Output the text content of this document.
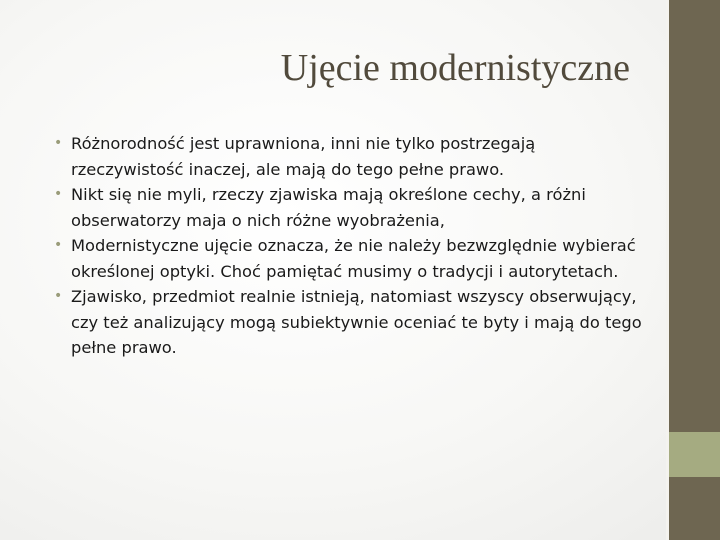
Ujęcie modernistyczne
• Różnorodność jest uprawniona, inni nie tylko postrzegają rzeczywistość inaczej, ale mają do tego pełne prawo.
• Nikt się nie myli, rzeczy zjawiska mają określone cechy, a różni obserwatorzy maja o nich różne wyobrażenia,
• Modernistyczne ujęcie oznacza, że nie należy bezwzględnie wybierać określonej optyki. Choć pamiętać musimy o tradycji i autorytetach.
• Zjawisko, przedmiot realnie istnieją, natomiast wszyscy obserwujący, czy też analizujący mogą subiektywnie oceniać te byty i mają do tego pełne prawo.
